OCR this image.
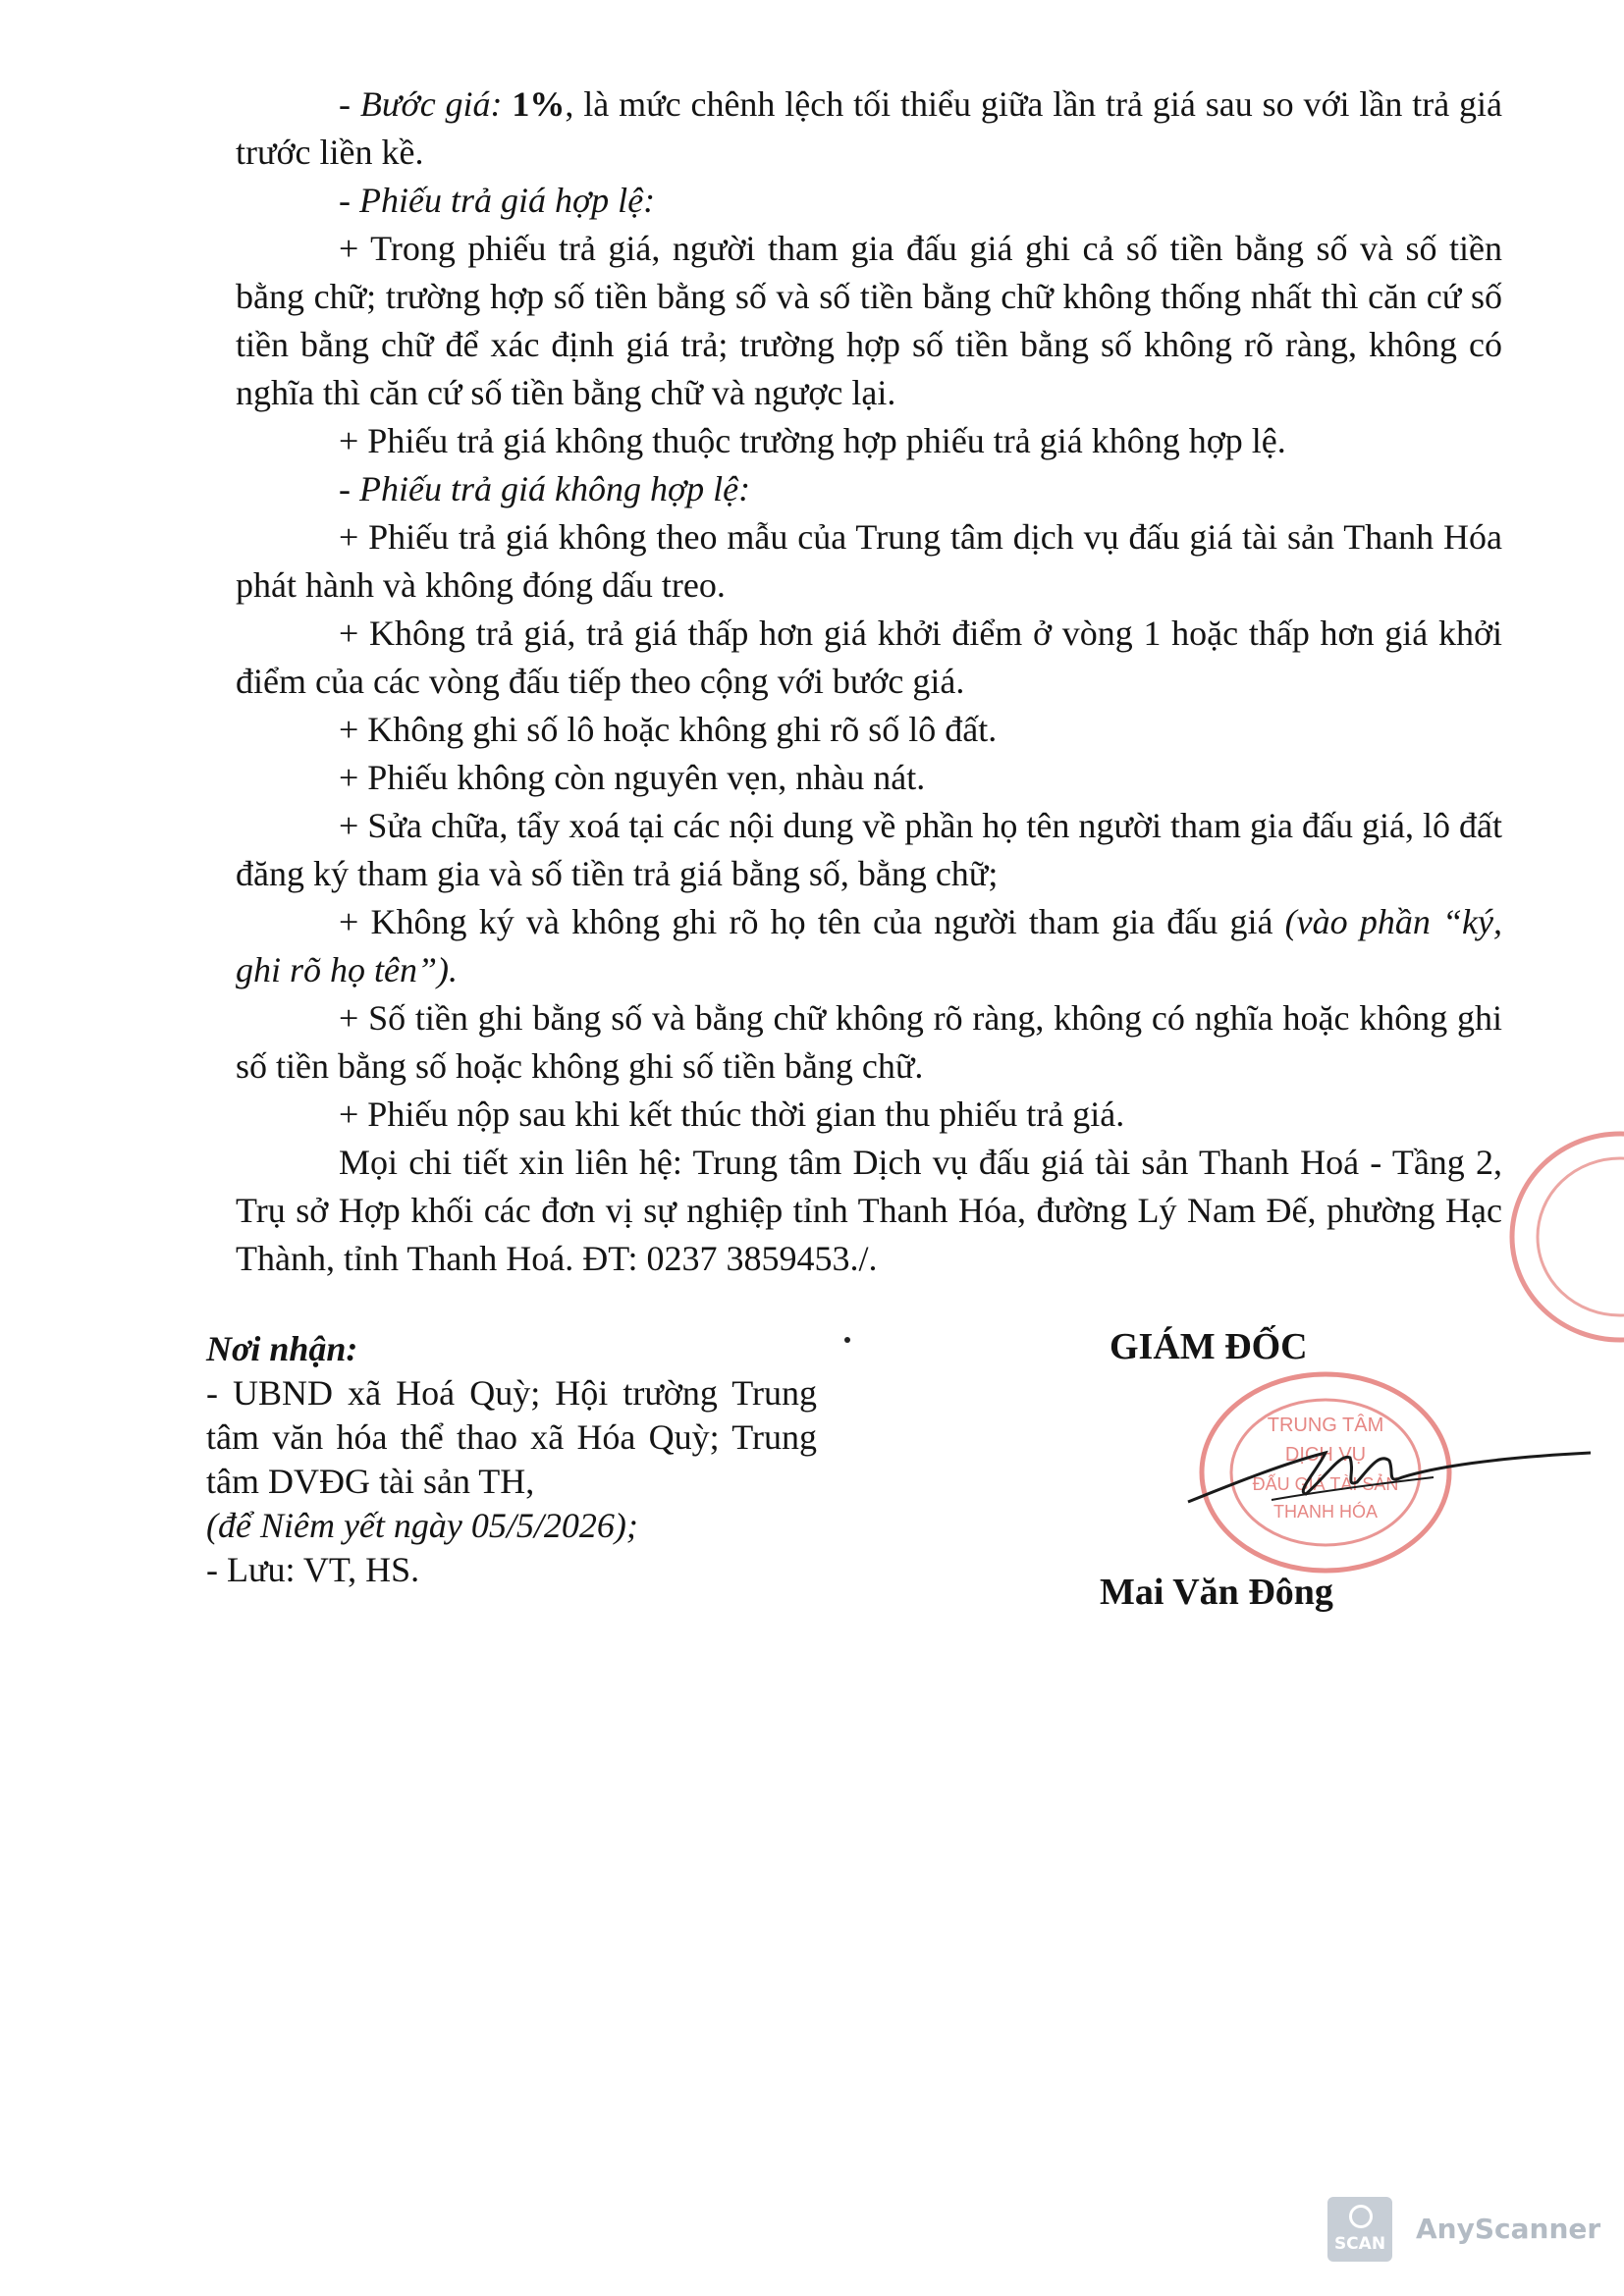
- Bước giá: 1%, là mức chênh lệch tối thiểu giữa lần trả giá sau so với lần trả giá trước liền kề.

- Phiếu trả giá hợp lệ:

+ Trong phiếu trả giá, người tham gia đấu giá ghi cả số tiền bằng số và số tiền bằng chữ; trường hợp số tiền bằng số và số tiền bằng chữ không thống nhất thì căn cứ số tiền bằng chữ để xác định giá trả; trường hợp số tiền bằng số không rõ ràng, không có nghĩa thì căn cứ số tiền bằng chữ và ngược lại.

+ Phiếu trả giá không thuộc trường hợp phiếu trả giá không hợp lệ.

- Phiếu trả giá không hợp lệ:

+ Phiếu trả giá không theo mẫu của Trung tâm dịch vụ đấu giá tài sản Thanh Hóa phát hành và không đóng dấu treo.

+ Không trả giá, trả giá thấp hơn giá khởi điểm ở vòng 1 hoặc thấp hơn giá khởi điểm của các vòng đấu tiếp theo cộng với bước giá.

+ Không ghi số lô hoặc không ghi rõ số lô đất.

+ Phiếu không còn nguyên vẹn, nhàu nát.

+ Sửa chữa, tẩy xoá tại các nội dung về phần họ tên người tham gia đấu giá, lô đất đăng ký tham gia và số tiền trả giá bằng số, bằng chữ;

+ Không ký và không ghi rõ họ tên của người tham gia đấu giá (vào phần “ký, ghi rõ họ tên”).

+ Số tiền ghi bằng số và bằng chữ không rõ ràng, không có nghĩa hoặc không ghi số tiền bằng số hoặc không ghi số tiền bằng chữ.

+ Phiếu nộp sau khi kết thúc thời gian thu phiếu trả giá.

Mọi chi tiết xin liên hệ: Trung tâm Dịch vụ đấu giá tài sản Thanh Hoá - Tầng 2, Trụ sở Hợp khối các đơn vị sự nghiệp tỉnh Thanh Hóa, đường Lý Nam Đế, phường Hạc Thành, tỉnh Thanh Hoá. ĐT: 0237 3859453./.

Nơi nhận:
- UBND xã Hoá Quỳ; Hội trường Trung tâm văn hóa thể thao xã Hóa Quỳ; Trung tâm DVĐG tài sản TH,
(để Niêm yết ngày 05/5/2026);
- Lưu: VT, HS.
GIÁM ĐỐC
TRUNG TÂM
DỊCH VỤ
ĐẤU GIÁ TÀI SẢN
THANH HÓA
Mai Văn Đông
SCAN AnyScanner
